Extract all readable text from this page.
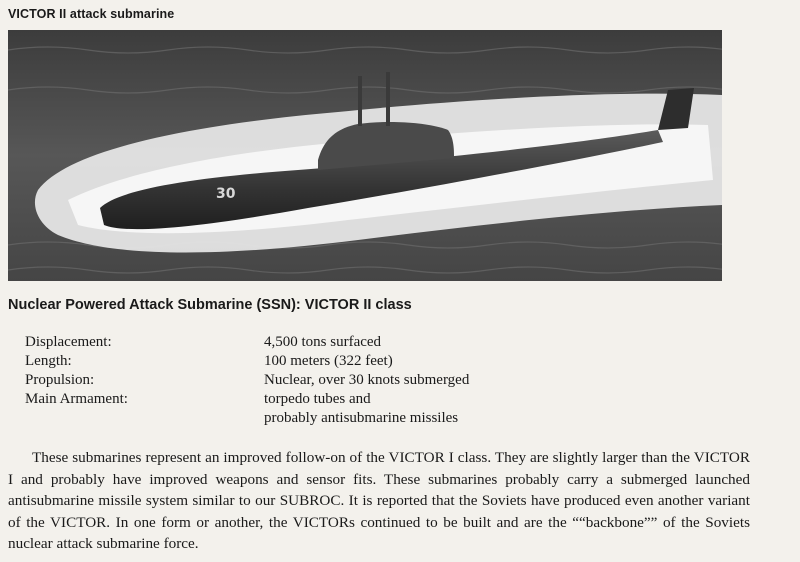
VICTOR II attack submarine
30
Nuclear Powered Attack Submarine (SSN): VICTOR II class
Displacement:	4,500 tons surfaced
Length:	100 meters (322 feet)
Propulsion:	Nuclear, over 30 knots submerged
Main Armament:	torpedo tubes and
probably antisubmarine missiles

These submarines represent an improved follow-on of the VICTOR I class. They are slightly larger than the VICTOR I and probably have improved weapons and sensor fits. These submarines probably carry a submerged launched antisubmarine missile system similar to our SUBROC. It is reported that the Soviets have produced even another variant of the VICTOR. In one form or another, the VICTORs continued to be built and are the ““backbone”” of the Soviets nuclear attack submarine force.
